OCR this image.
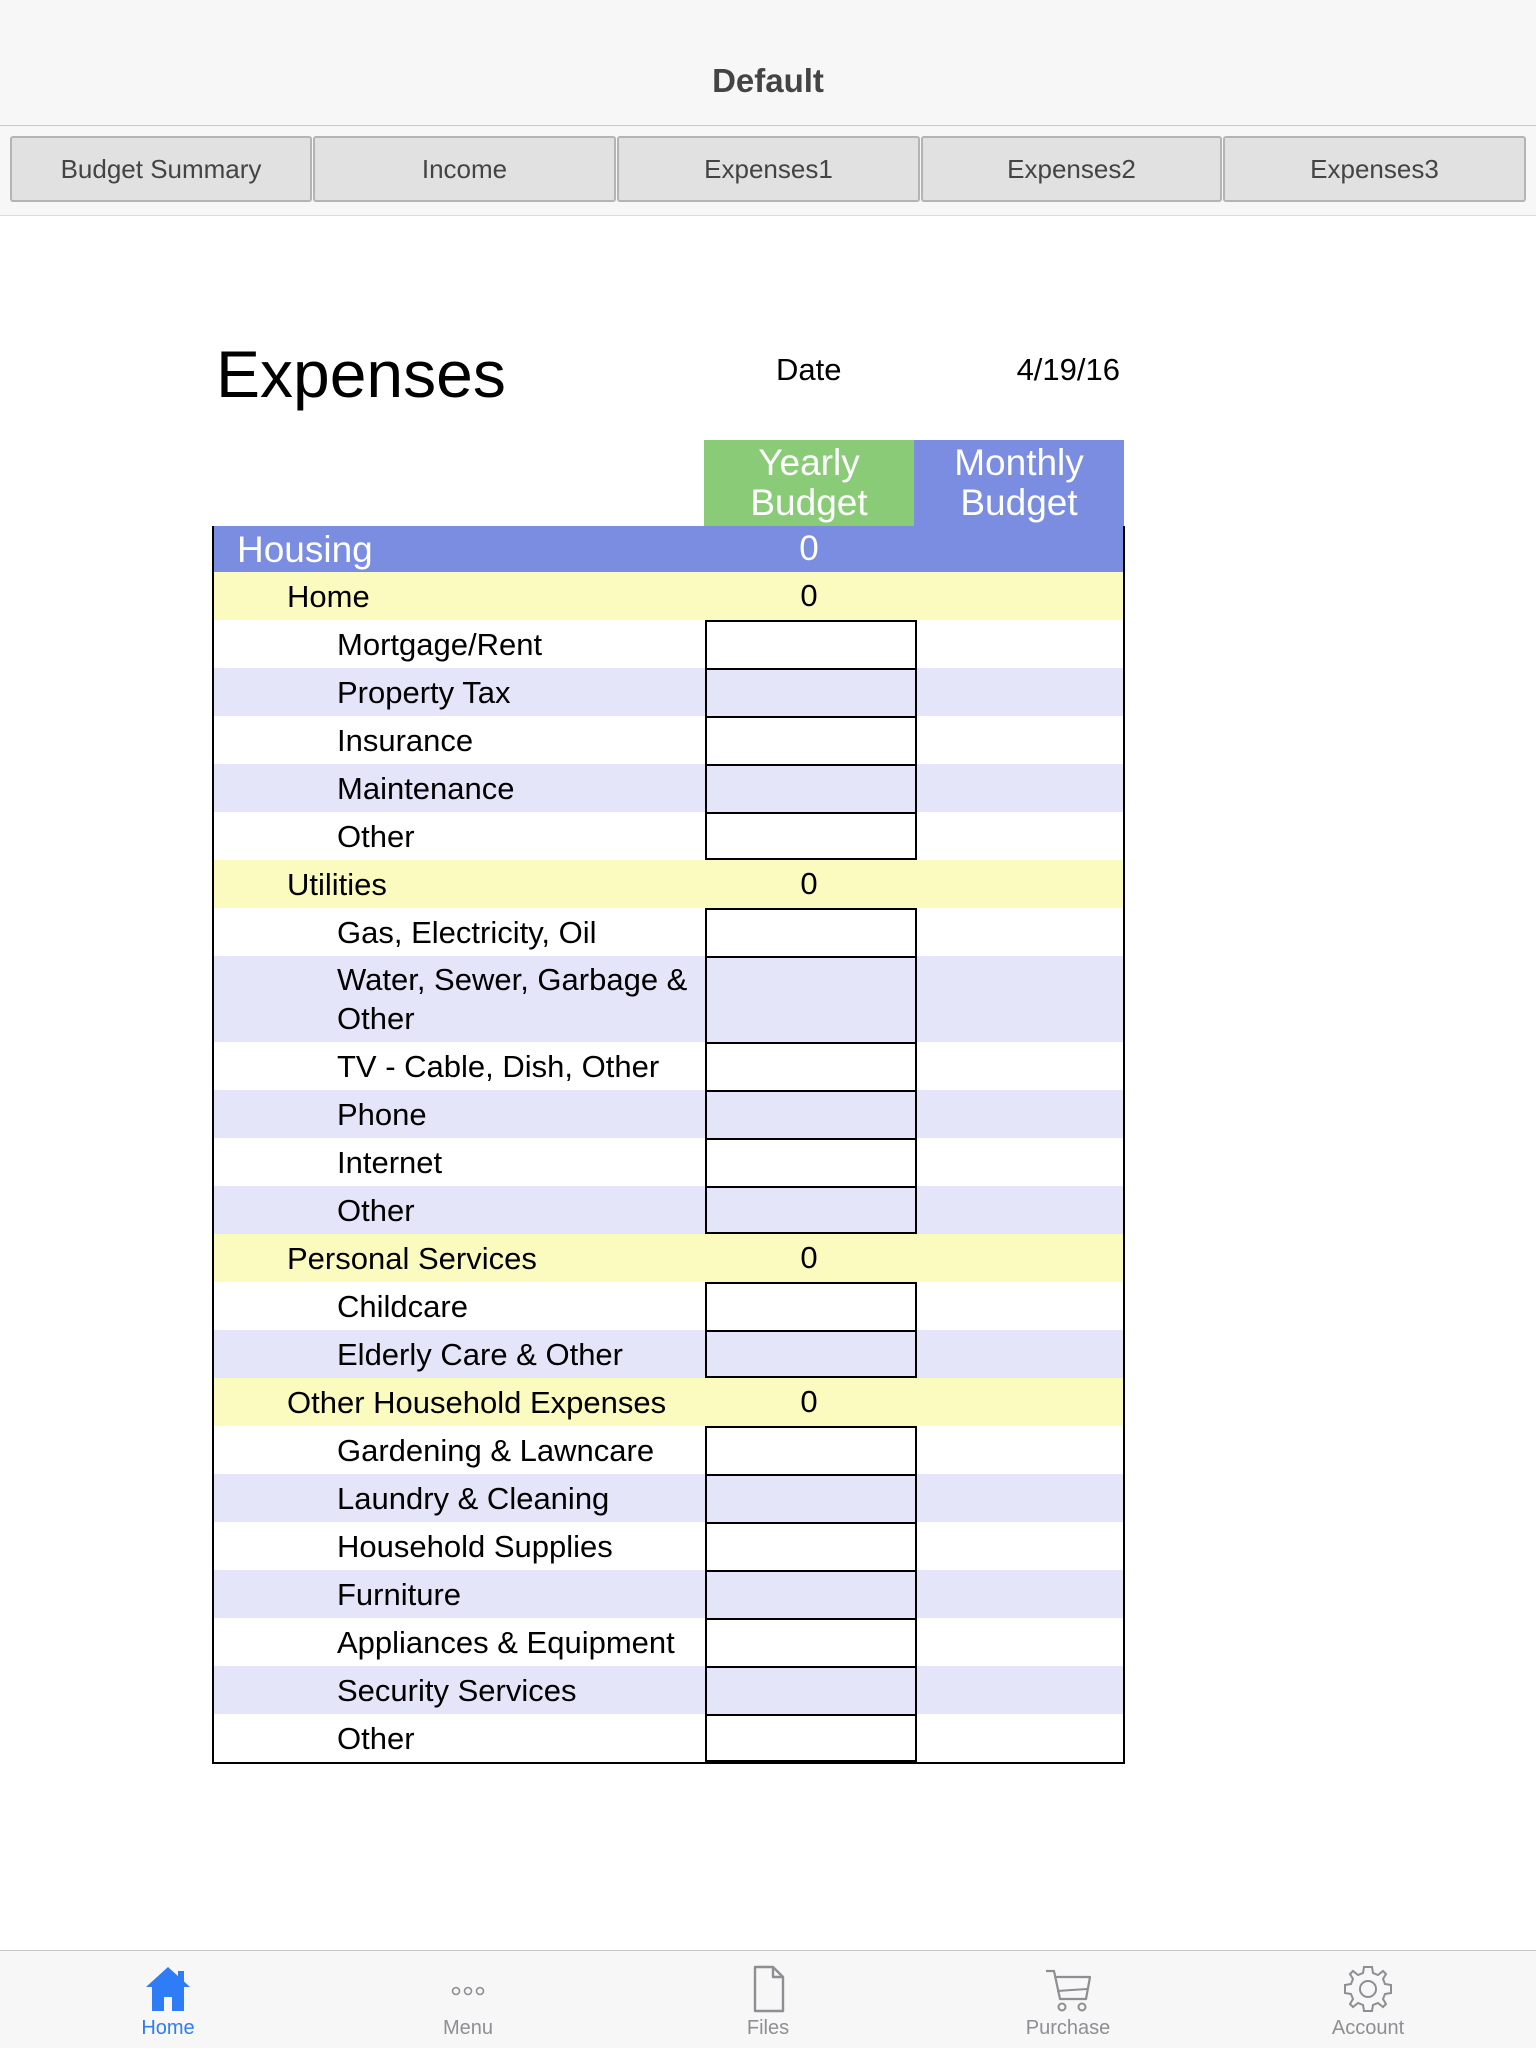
Default
Budget Summary	Income	Expenses1	Expenses2	Expenses3
Expenses	Date	4/19/16
Yearly Budget
Monthly Budget
Housing	0
Home	0
Mortgage/Rent
Property Tax
Insurance
Maintenance
Other
Utilities	0
Gas, Electricity, Oil
Water, Sewer, Garbage & Other
TV - Cable, Dish, Other
Phone
Internet
Other
Personal Services	0
Childcare
Elderly Care & Other
Other Household Expenses	0
Gardening & Lawncare
Laundry & Cleaning
Household Supplies
Furniture
Appliances & Equipment
Security Services
Other
Home	Menu	Files	Purchase	Account
